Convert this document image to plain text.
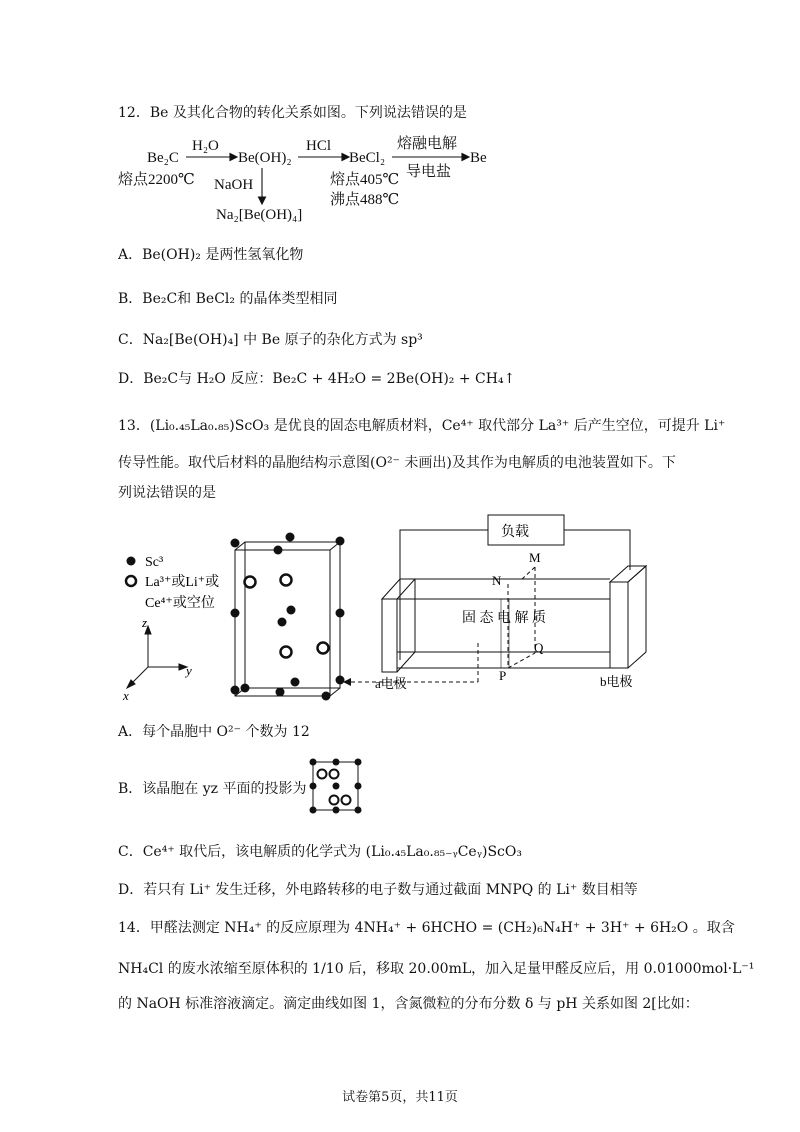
12．Be 及其化合物的转化关系如图。下列说法错误的是
Be₂C
熔点2200℃
H₂O
Be(OH)₂
HCl
BeCl₂
熔点405℃
沸点488℃
熔融电解
导电盐
Be
NaOH
Na₂[Be(OH)₄]
A．Be(OH)₂ 是两性氢氧化物
B．Be₂C和 BeCl₂ 的晶体类型相同
C．Na₂[Be(OH)₄] 中 Be 原子的杂化方式为 sp³
D．Be₂C与 H₂O 反应：Be₂C + 4H₂O = 2Be(OH)₂ + CH₄↑
13．(Li₀.₄₅La₀.₈₅)ScO₃ 是优良的固态电解质材料，Ce⁴⁺ 取代部分 La³⁺ 后产生空位，可提升 Li⁺
传导性能。取代后材料的晶胞结构示意图(O²⁻ 未画出)及其作为电解质的电池装置如下。下
列说法错误的是
Sc³
La³⁺或Li⁺或
Ce⁴⁺或空位
z
y
x
负载
M
N
Q
P
固 态 电 解 质
a电极	b电极
A．每个晶胞中 O²⁻ 个数为 12
B．该晶胞在 yz 平面的投影为
C．Ce⁴⁺ 取代后，该电解质的化学式为 (Li₀.₄₅La₀.₈₅₋ᵧCeᵧ)ScO₃
D．若只有 Li⁺ 发生迁移，外电路转移的电子数与通过截面 MNPQ 的 Li⁺ 数目相等
14．甲醛法测定 NH₄⁺ 的反应原理为 4NH₄⁺ + 6HCHO = (CH₂)₆N₄H⁺ + 3H⁺ + 6H₂O 。取含
NH₄Cl 的废水浓缩至原体积的 1/10 后，移取 20.00mL，加入足量甲醛反应后，用 0.01000mol·L⁻¹
的 NaOH 标准溶液滴定。滴定曲线如图 1，含氮微粒的分布分数 δ 与 pH 关系如图 2[比如：
试卷第5页，共11页
